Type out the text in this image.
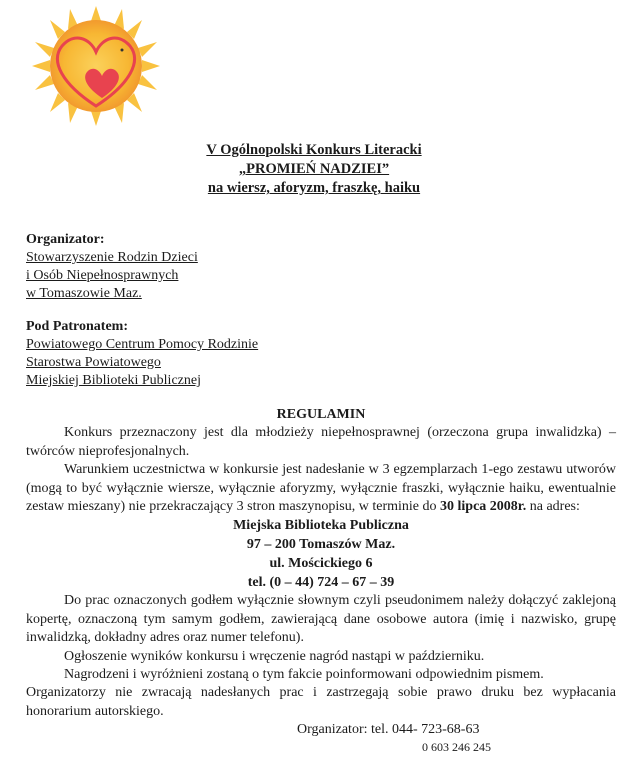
V Ogólnopolski Konkurs Literacki
„PROMIEŃ NADZIEI”
na wiersz, aforyzm, fraszkę, haiku
Organizator:
Stowarzyszenie Rodzin Dzieci
i Osób Niepełnosprawnych
w Tomaszowie Maz.
Pod Patronatem:
Powiatowego Centrum Pomocy Rodzinie
Starostwa Powiatowego
Miejskiej Biblioteki Publicznej
REGULAMIN

Konkurs przeznaczony jest dla młodzieży niepełnosprawnej (orzeczona grupa inwalidzka) – twórców nieprofesjonalnych.

Warunkiem uczestnictwa w konkursie jest nadesłanie w 3 egzemplarzach 1-ego zestawu utworów (mogą to być wyłącznie wiersze, wyłącznie aforyzmy, wyłącznie fraszki, wyłącznie haiku, ewentualnie zestaw mieszany) nie przekraczający 3 stron maszynopisu, w terminie do 30 lipca 2008r. na adres:

Miejska Biblioteka Publiczna
97 – 200 Tomaszów Maz.
ul. Mościckiego 6
tel. (0 – 44) 724 – 67 – 39

Do prac oznaczonych godłem wyłącznie słownym czyli pseudonimem należy dołączyć zaklejoną kopertę, oznaczoną tym samym godłem, zawierającą dane osobowe autora (imię i nazwisko, grupę inwalidzką, dokładny adres oraz numer telefonu).

Ogłoszenie wyników konkursu i wręczenie nagród nastąpi w październiku.

Nagrodzeni i wyróżnieni zostaną o tym fakcie poinformowani odpowiednim pismem.

Organizatorzy nie zwracają nadesłanych prac i zastrzegają sobie prawo druku bez wypłacania honorarium autorskiego.

Organizator: tel. 044- 723-68-63
0 603 246 245
